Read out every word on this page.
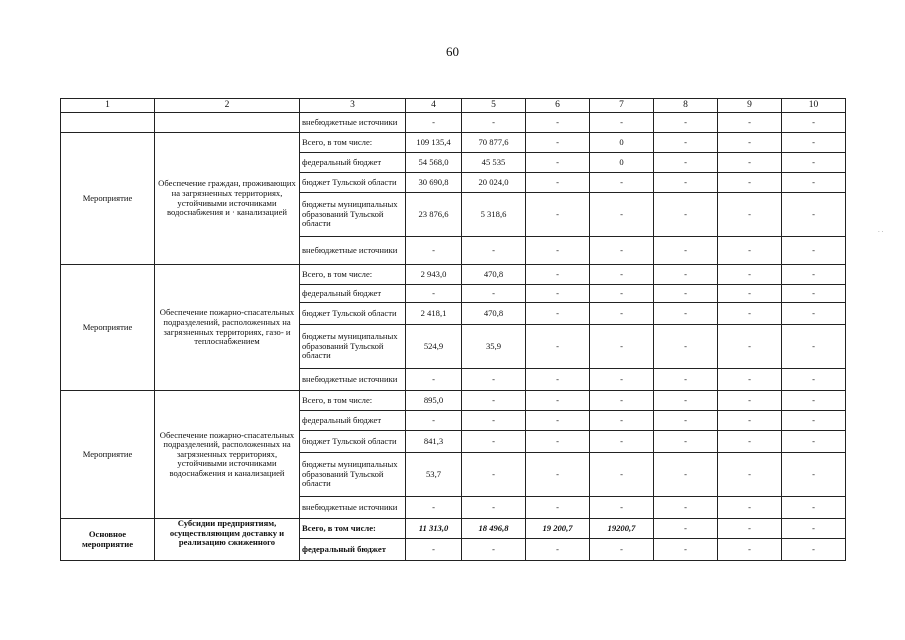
60
. .
1	2	3	4	5	6	7	8	9	10
		внебюджетные источники	-	-	-	-	-	-	-
Мероприятие	Обеспечение граждан, проживающих на загрязненных территориях, устойчивыми источниками водоснабжения и · канализацией	Всего, в том числе:	109 135,4	70 877,6	-	0	-	-	-
		федеральный бюджет	54 568,0	45 535	-	0	-	-	-
		бюджет Тульской области	30 690,8	20 024,0	-	-	-	-	-
		бюджеты муниципальных образований Тульской области	23 876,6	5 318,6	-	-	-	-	-
		внебюджетные источники	-	-	-	-	-	-	-
Мероприятие	Обеспечение пожарно-спасательных подразделений, расположенных на загрязненных территориях, газо- и теплоснабжением	Всего, в том числе:	2 943,0	470,8	-	-	-	-	-
		федеральный бюджет	-	-	-	-	-	-	-
		бюджет Тульской области	2 418,1	470,8	-	-	-	-	-
		бюджеты муниципальных образований Тульской области	524,9	35,9	-	-	-	-	-
		внебюджетные источники	-	-	-	-	-	-	-
Мероприятие	Обеспечение пожарно-спасательных подразделений, расположенных на загрязненных территориях, устойчивыми источниками водоснабжения и канализацией	Всего, в том числе:	895,0	-	-	-	-	-	-
		федеральный бюджет	-	-	-	-	-	-	-
		бюджет Тульской области	841,3	-	-	-	-	-	-
		бюджеты муниципальных образований Тульской области	53,7	-	-	-	-	-	-
		внебюджетные источники	-	-	-	-	-	-	-
Основное мероприятие	Субсидии предприятиям, осуществляющим доставку и реализацию сжиженного	Всего, в том числе:	11 313,0	18 496,8	19 200,7	19200,7	-	-	-
		федеральный бюджет	-	-	-	-	-	-	-
